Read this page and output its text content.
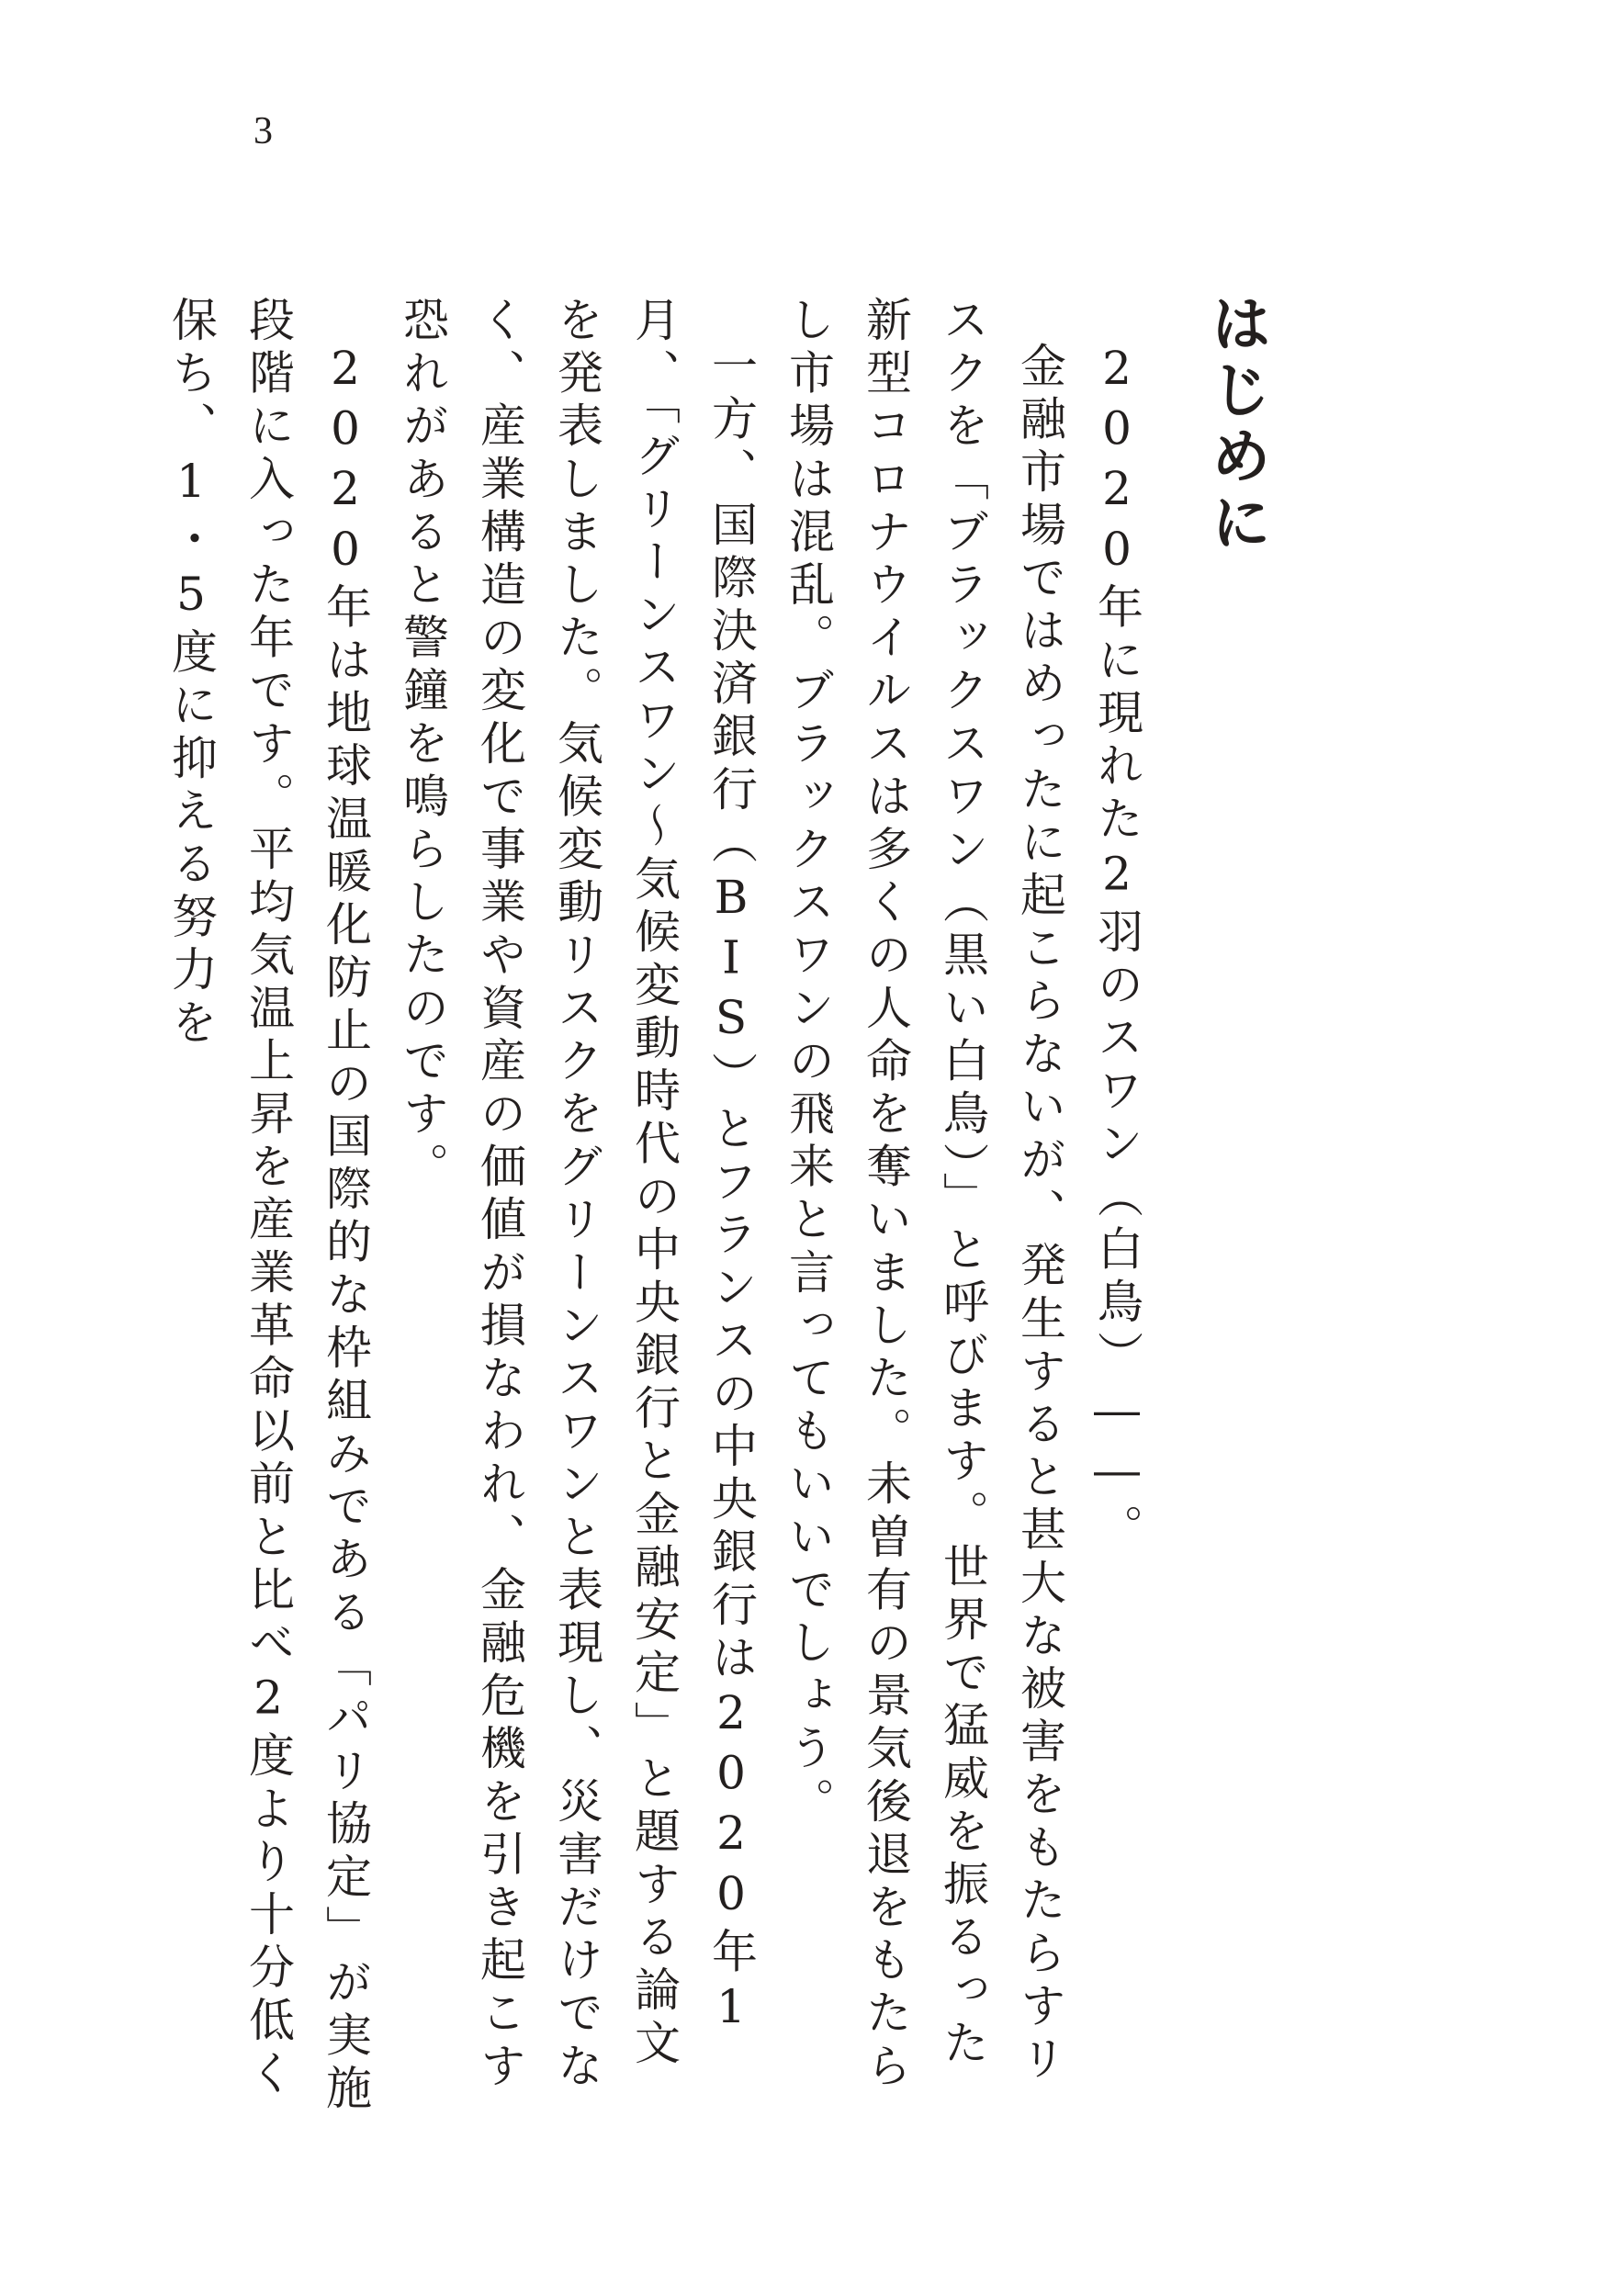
3
はじめに

2020年に現れた2羽のスワン（白鳥）――。

金融市場ではめったに起こらないが、発生すると甚大な被害をもたらすリスクを「ブラックスワン（黒い白鳥）」と呼びます。世界で猛威を振るった新型コロナウイルスは多くの人命を奪いました。未曽有の景気後退をもたらし市場は混乱。ブラックスワンの飛来と言ってもいいでしょう。

一方、国際決済銀行（BIS）とフランスの中央銀行は2020年1月、「グリーンスワン〜気候変動時代の中央銀行と金融安定」と題する論文を発表しました。気候変動リスクをグリーンスワンと表現し、災害だけでなく、産業構造の変化で事業や資産の価値が損なわれ、金融危機を引き起こす恐れがあると警鐘を鳴らしたのです。

2020年は地球温暖化防止の国際的な枠組みである「パリ協定」が実施段階に入った年です。平均気温上昇を産業革命以前と比べ2度より十分低く保ち、1・5度に抑える努力を
